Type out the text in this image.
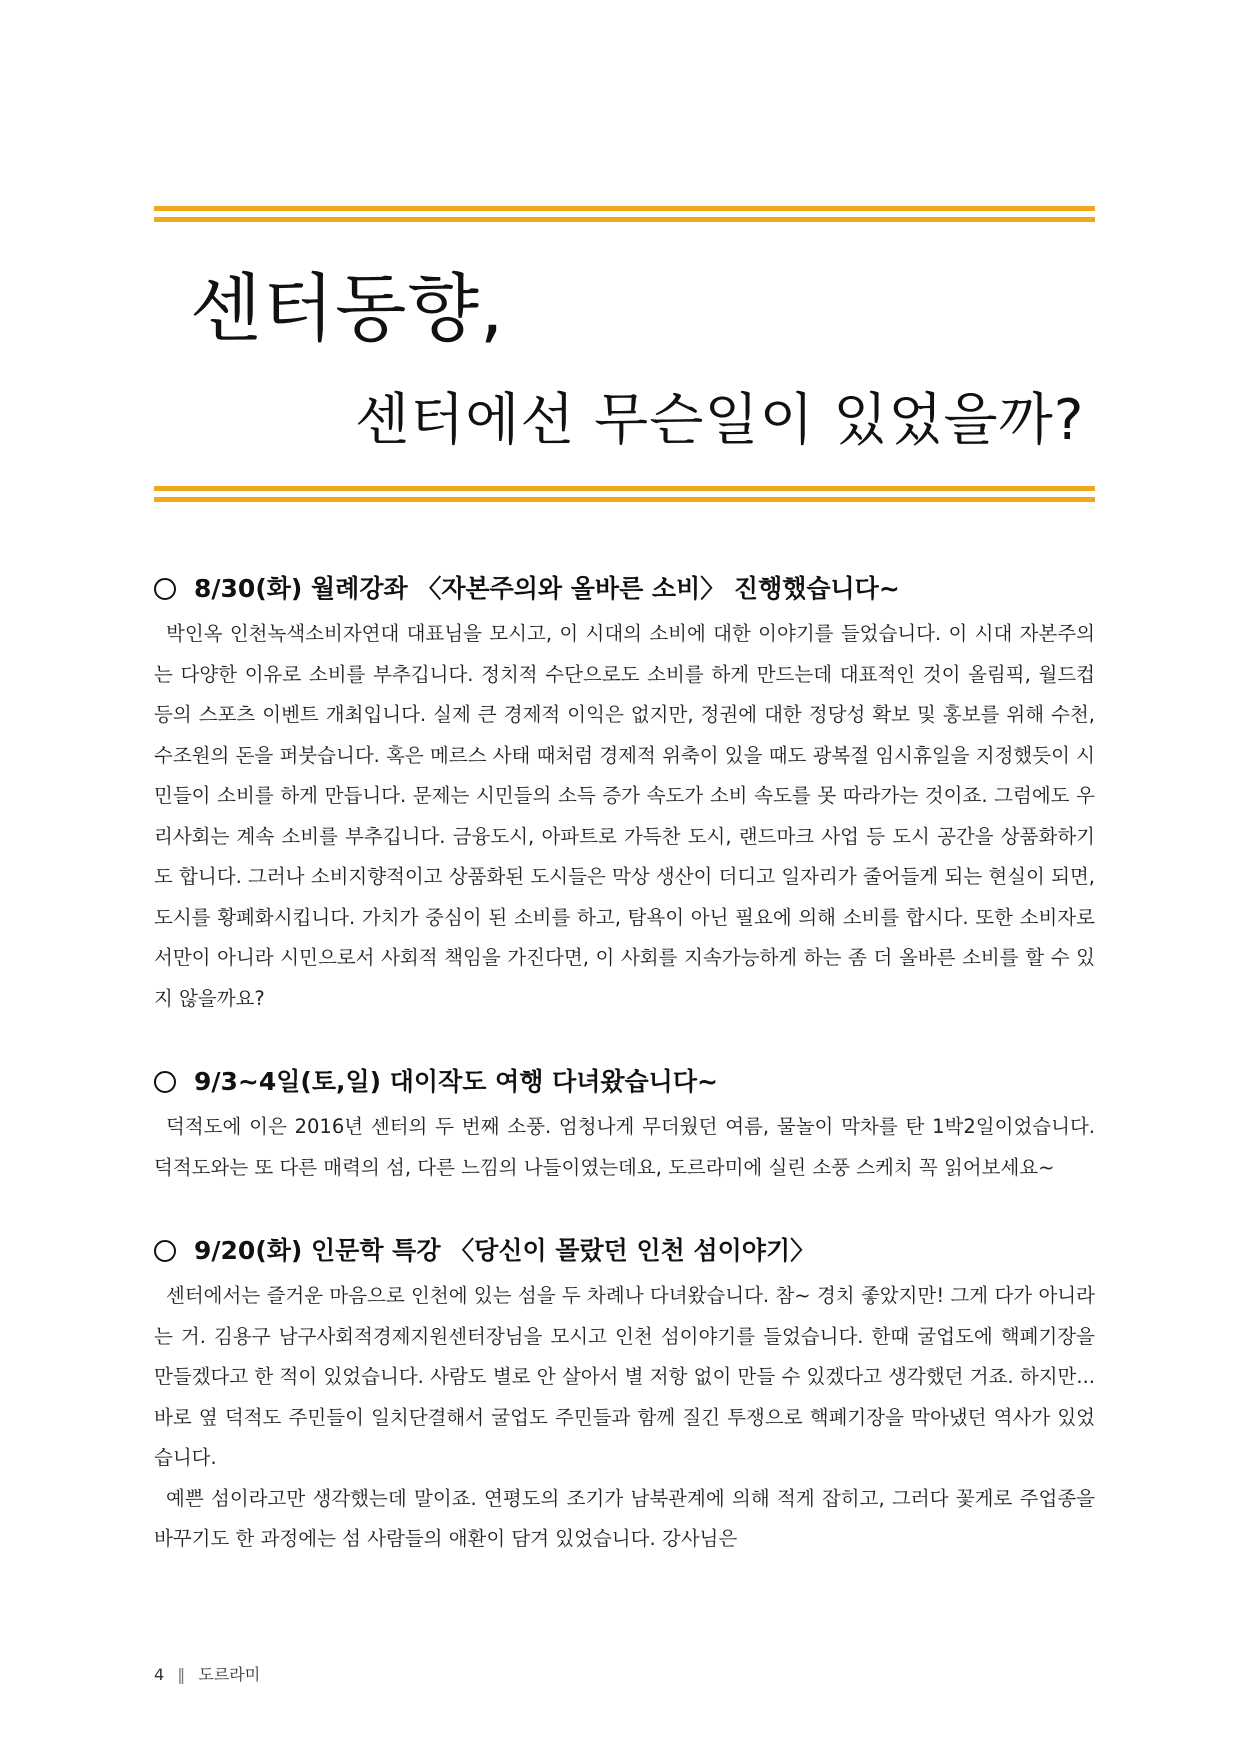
센터동향,
센터에선 무슨일이 있었을까?
8/30(화) 월례강좌 〈자본주의와 올바른 소비〉 진행했습니다~

박인옥 인천녹색소비자연대 대표님을 모시고, 이 시대의 소비에 대한 이야기를 들었습니다. 이 시대 자본주의는 다양한 이유로 소비를 부추깁니다. 정치적 수단으로도 소비를 하게 만드는데 대표적인 것이 올림픽, 월드컵 등의 스포츠 이벤트 개최입니다. 실제 큰 경제적 이익은 없지만, 정권에 대한 정당성 확보 및 홍보를 위해 수천, 수조원의 돈을 퍼붓습니다. 혹은 메르스 사태 때처럼 경제적 위축이 있을 때도 광복절 임시휴일을 지정했듯이 시민들이 소비를 하게 만듭니다. 문제는 시민들의 소득 증가 속도가 소비 속도를 못 따라가는 것이죠. 그럼에도 우리사회는 계속 소비를 부추깁니다. 금융도시, 아파트로 가득찬 도시, 랜드마크 사업 등 도시 공간을 상품화하기도 합니다. 그러나 소비지향적이고 상품화된 도시들은 막상 생산이 더디고 일자리가 줄어들게 되는 현실이 되면, 도시를 황폐화시킵니다. 가치가 중심이 된 소비를 하고, 탐욕이 아닌 필요에 의해 소비를 합시다. 또한 소비자로서만이 아니라 시민으로서 사회적 책임을 가진다면, 이 사회를 지속가능하게 하는 좀 더 올바른 소비를 할 수 있지 않을까요?

9/3~4일(토,일) 대이작도 여행 다녀왔습니다~

덕적도에 이은 2016년 센터의 두 번째 소풍. 엄청나게 무더웠던 여름, 물놀이 막차를 탄 1박2일이었습니다. 덕적도와는 또 다른 매력의 섬, 다른 느낌의 나들이였는데요, 도르라미에 실린 소풍 스케치 꼭 읽어보세요~

9/20(화) 인문학 특강 〈당신이 몰랐던 인천 섬이야기〉

센터에서는 즐거운 마음으로 인천에 있는 섬을 두 차례나 다녀왔습니다. 참~ 경치 좋았지만! 그게 다가 아니라는 거. 김용구 남구사회적경제지원센터장님을 모시고 인천 섬이야기를 들었습니다. 한때 굴업도에 핵폐기장을 만들겠다고 한 적이 있었습니다. 사람도 별로 안 살아서 별 저항 없이 만들 수 있겠다고 생각했던 거죠. 하지만... 바로 옆 덕적도 주민들이 일치단결해서 굴업도 주민들과 함께 질긴 투쟁으로 핵폐기장을 막아냈던 역사가 있었습니다.

예쁜 섬이라고만 생각했는데 말이죠. 연평도의 조기가 남북관계에 의해 적게 잡히고, 그러다 꽃게로 주업종을 바꾸기도 한 과정에는 섬 사람들의 애환이 담겨 있었습니다. 강사님은

4 ‖ 도르라미
